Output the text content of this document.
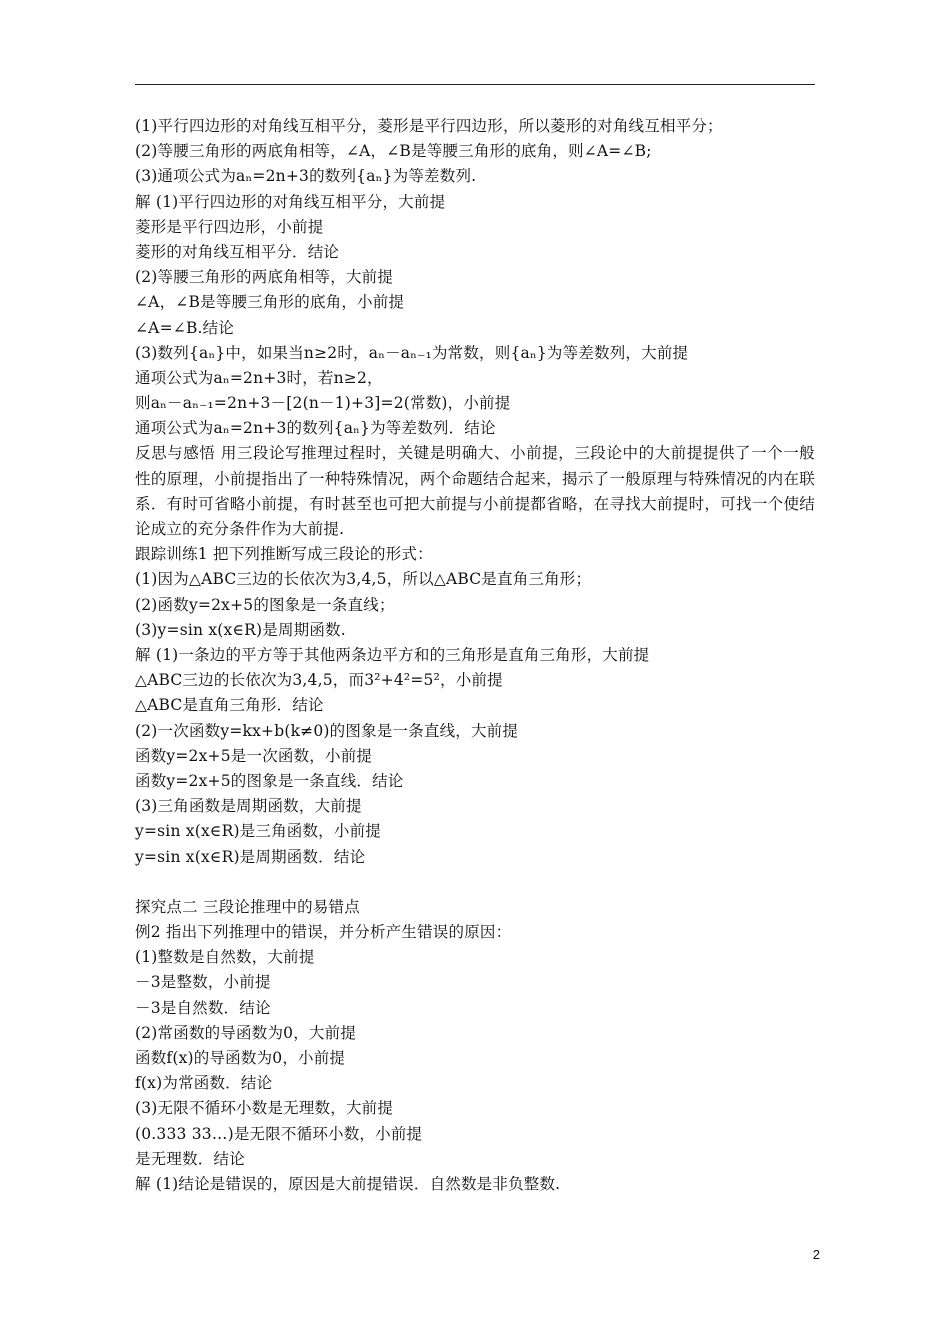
(1)平行四边形的对角线互相平分，菱形是平行四边形，所以菱形的对角线互相平分；
(2)等腰三角形的两底角相等，∠A，∠B是等腰三角形的底角，则∠A=∠B;
(3)通项公式为aₙ=2n+3的数列{aₙ}为等差数列.
解 (1)平行四边形的对角线互相平分，大前提
菱形是平行四边形，小前提
菱形的对角线互相平分．结论
(2)等腰三角形的两底角相等，大前提
∠A，∠B是等腰三角形的底角，小前提
∠A=∠B.结论
(3)数列{aₙ}中，如果当n≥2时，aₙ－aₙ₋₁为常数，则{aₙ}为等差数列，大前提
通项公式为aₙ=2n+3时，若n≥2，
则aₙ－aₙ₋₁=2n+3－[2(n－1)+3]=2(常数)，小前提
通项公式为aₙ=2n+3的数列{aₙ}为等差数列．结论
反思与感悟 用三段论写推理过程时，关键是明确大、小前提，三段论中的大前提提供了一个一般性的原理，小前提指出了一种特殊情况，两个命题结合起来，揭示了一般原理与特殊情况的内在联系．有时可省略小前提，有时甚至也可把大前提与小前提都省略，在寻找大前提时，可找一个使结论成立的充分条件作为大前提.
跟踪训练1 把下列推断写成三段论的形式：
(1)因为△ABC三边的长依次为3,4,5，所以△ABC是直角三角形；
(2)函数y=2x+5的图象是一条直线；
(3)y=sin x(x∈R)是周期函数.
解 (1)一条边的平方等于其他两条边平方和的三角形是直角三角形，大前提
△ABC三边的长依次为3,4,5，而3²+4²=5²，小前提
△ABC是直角三角形．结论
(2)一次函数y=kx+b(k≠0)的图象是一条直线，大前提
函数y=2x+5是一次函数，小前提
函数y=2x+5的图象是一条直线．结论
(3)三角函数是周期函数，大前提
y=sin x(x∈R)是三角函数，小前提
y=sin x(x∈R)是周期函数．结论
探究点二 三段论推理中的易错点
例2 指出下列推理中的错误，并分析产生错误的原因：
(1)整数是自然数，大前提
－3是整数，小前提
－3是自然数．结论
(2)常函数的导函数为0，大前提
函数f(x)的导函数为0，小前提
f(x)为常函数．结论
(3)无限不循环小数是无理数，大前提
(0.333 33…)是无限不循环小数，小前提
是无理数．结论
解 (1)结论是错误的，原因是大前提错误．自然数是非负整数.
2
